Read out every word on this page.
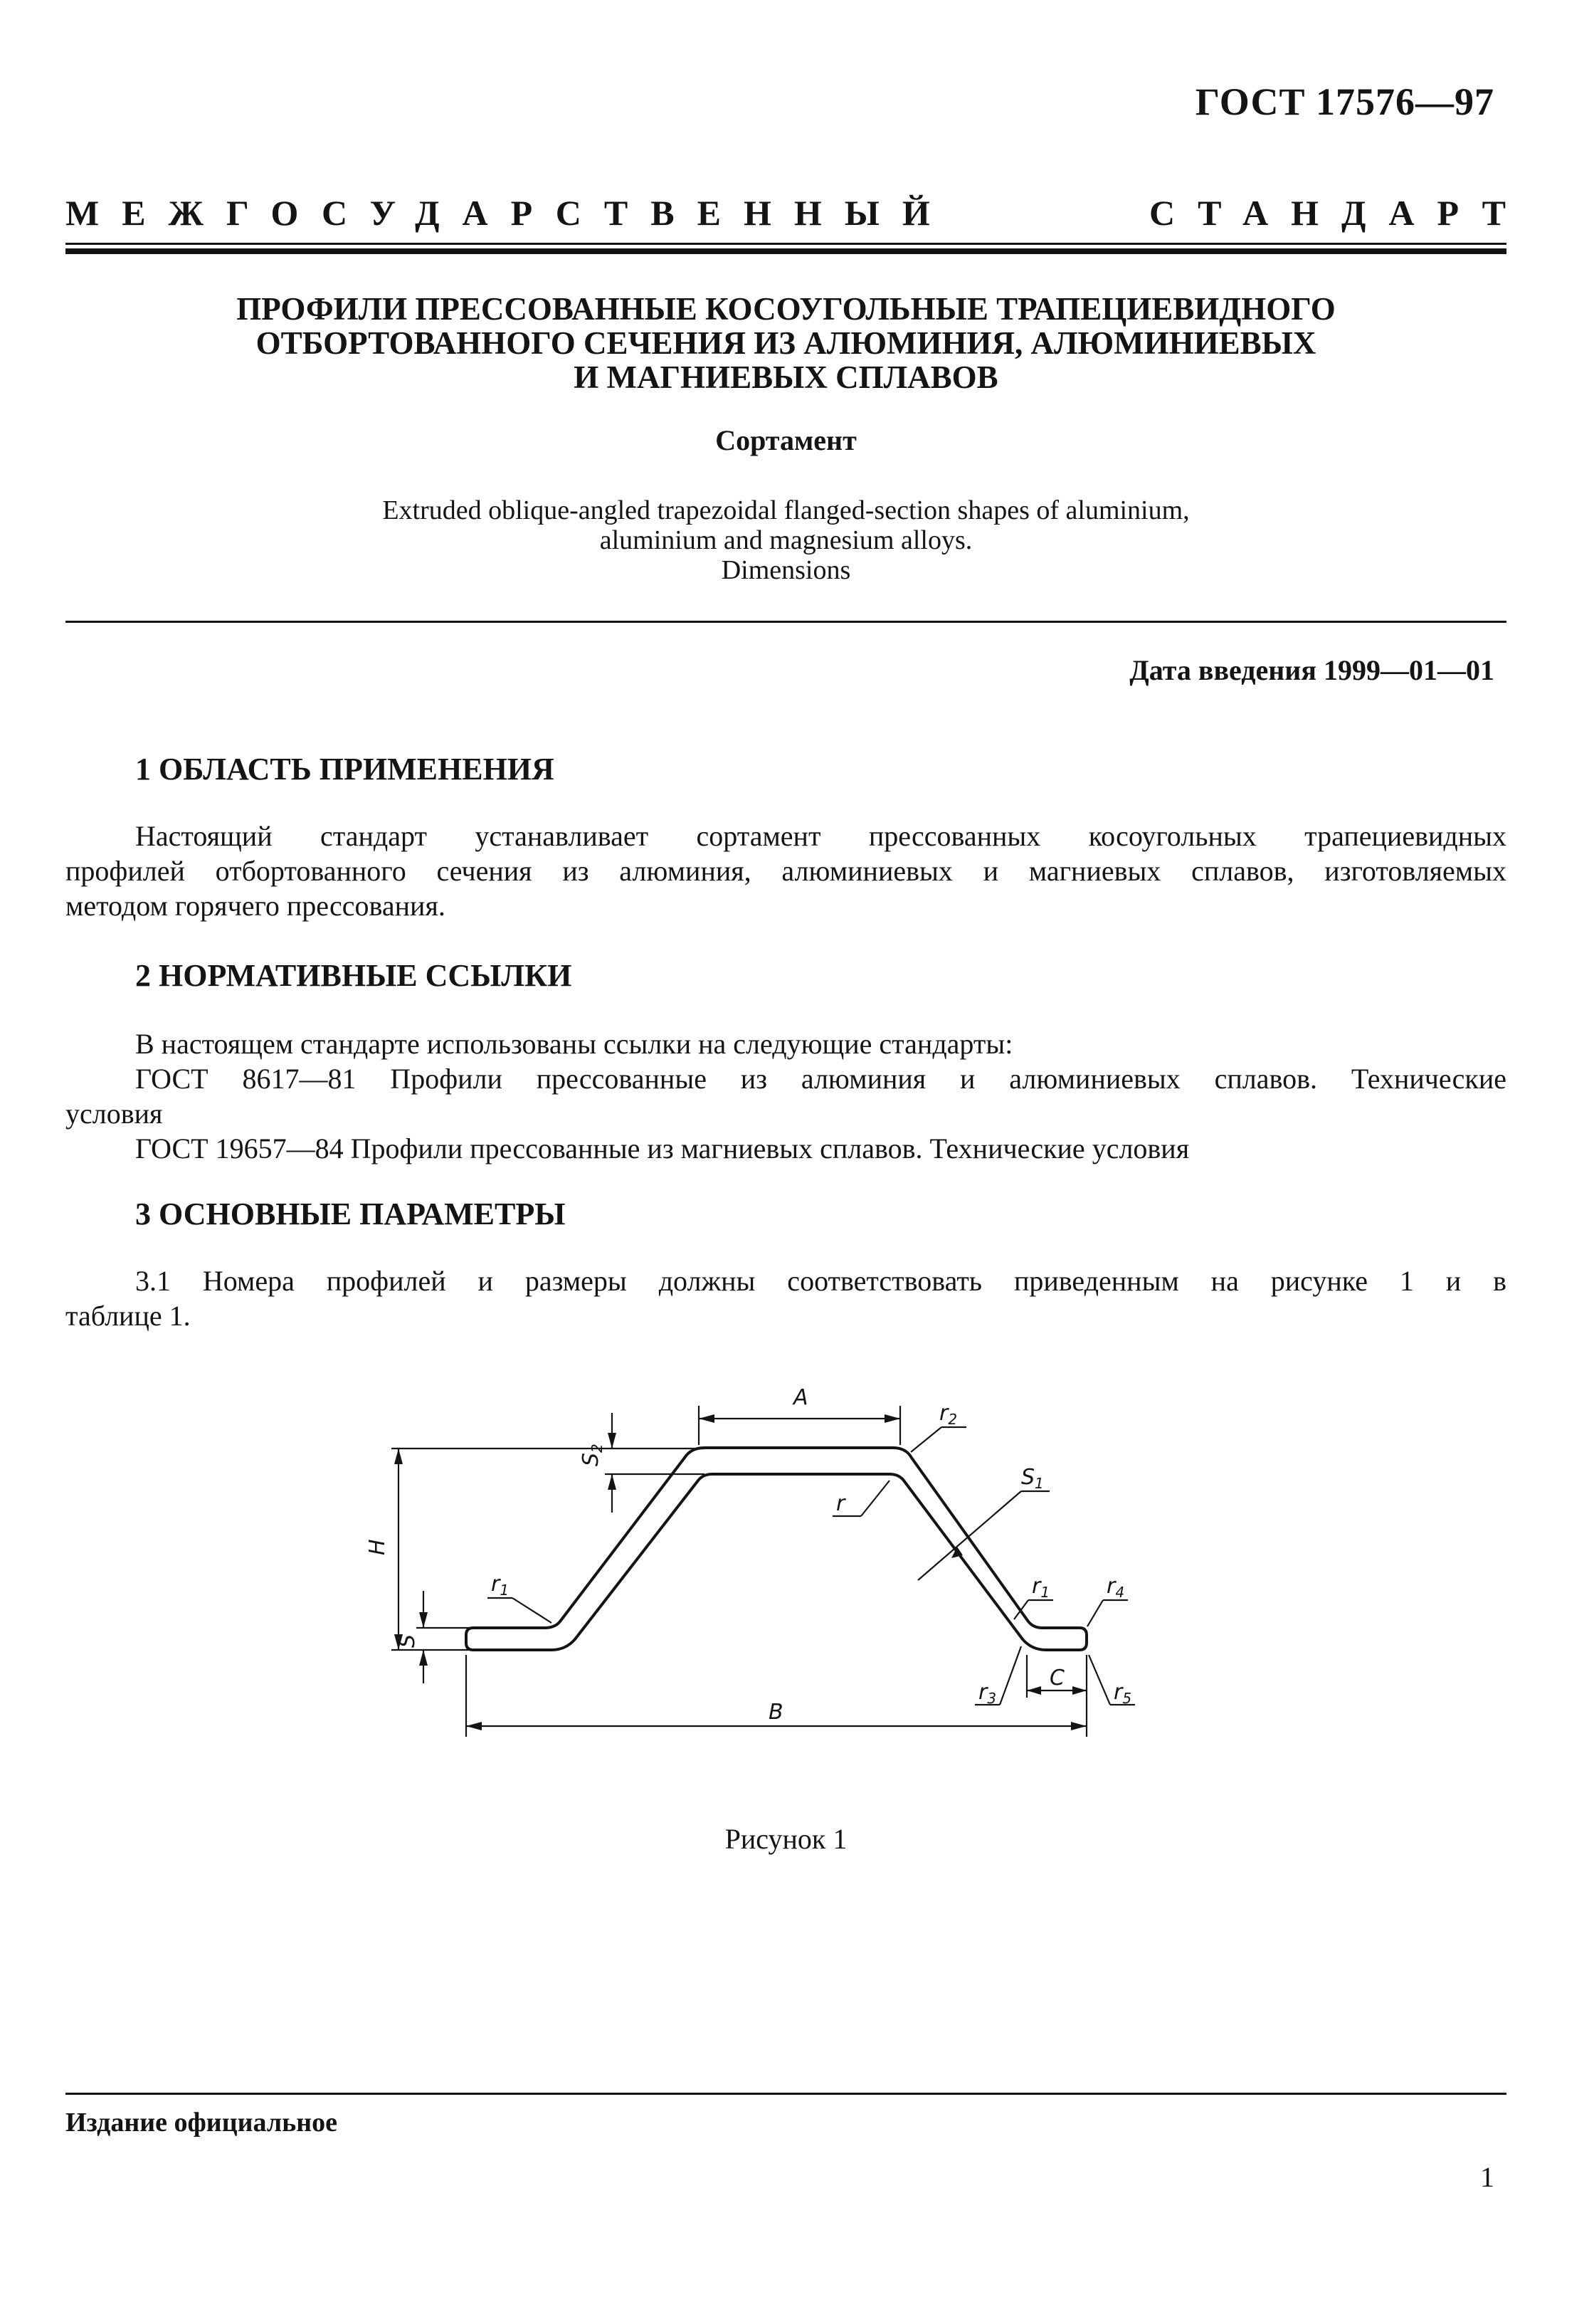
ГОСТ 17576—97
МЕЖГОСУДАРСТВЕННЫЙ	СТАНДАРТ
ПРОФИЛИ ПРЕССОВАННЫЕ КОСОУГОЛЬНЫЕ ТРАПЕЦИЕВИДНОГО
ОТБОРТОВАННОГО СЕЧЕНИЯ ИЗ АЛЮМИНИЯ, АЛЮМИНИЕВЫХ
И МАГНИЕВЫХ СПЛАВОВ
Сортамент
Extruded oblique-angled trapezoidal flanged-section shapes of aluminium,
aluminium and magnesium alloys.
Dimensions
Дата введения 1999—01—01
1 ОБЛАСТЬ ПРИМЕНЕНИЯ
Настоящий стандарт устанавливает сортамент прессованных косоугольных трапециевидных
профилей отбортованного сечения из алюминия, алюминиевых и магниевых сплавов, изготовляемых
методом горячего прессования.
2 НОРМАТИВНЫЕ ССЫЛКИ
В настоящем стандарте использованы ссылки на следующие стандарты:
ГОСТ 8617—81 Профили прессованные из алюминия и алюминиевых сплавов. Технические
условия
ГОСТ 19657—84 Профили прессованные из магниевых сплавов. Технические условия
3 ОСНОВНЫЕ ПАРАМЕТРЫ
3.1 Номера профилей и размеры должны соответствовать приведенным на рисунке 1 и в
таблице 1.
A
$r_2$
H
$S_2$
r
$S_1$
$r_1$	$r_1$	$r_4$
S
$r_3$
C
$r_5$
B
Рисунок 1
Издание официальное
1
